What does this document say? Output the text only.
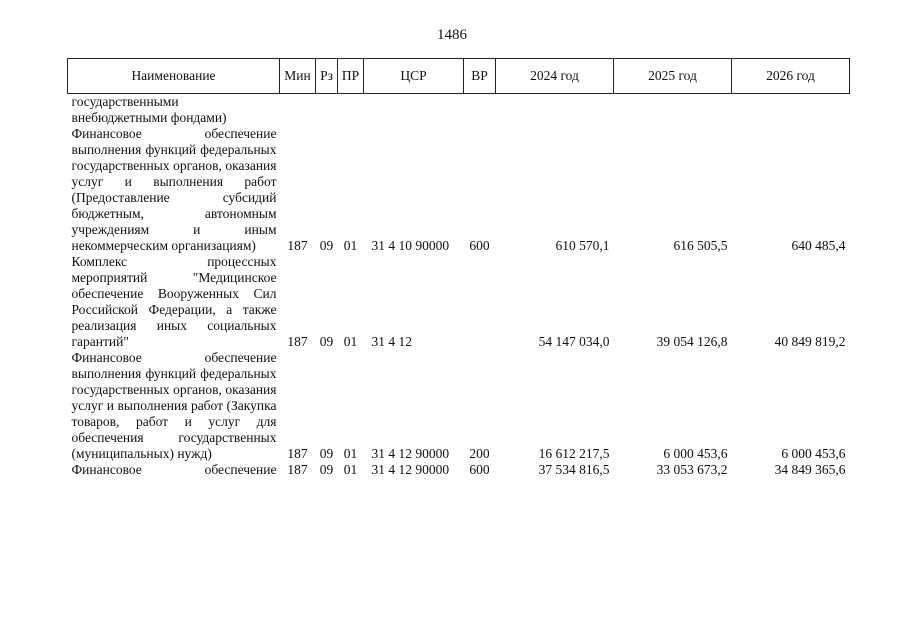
1486
Наименование	Мин	Рз	ПР	ЦСР	ВР	2024 год	2025 год	2026 год
государственными внебюджетными фондами)								
Финансовое обеспечение выполнения функций федеральных государственных органов, оказания услуг и выполнения работ (Предоставление субсидий бюджетным, автономным учреждениям и иным некоммерческим организациям)	187	09	01	31 4 10 90000	600	610 570,1	616 505,5	640 485,4
Комплекс процессных мероприятий "Медицинское обеспечение Вооруженных Сил Российской Федерации, а также реализация иных социальных гарантий"	187	09	01	31 4 12		54 147 034,0	39 054 126,8	40 849 819,2
Финансовое обеспечение выполнения функций федеральных государственных органов, оказания услуг и выполнения работ (Закупка товаров, работ и услуг для обеспечения государственных (муниципальных) нужд)	187	09	01	31 4 12 90000	200	16 612 217,5	6 000 453,6	6 000 453,6
Финансовое обеспечение	187	09	01	31 4 12 90000	600	37 534 816,5	33 053 673,2	34 849 365,6
